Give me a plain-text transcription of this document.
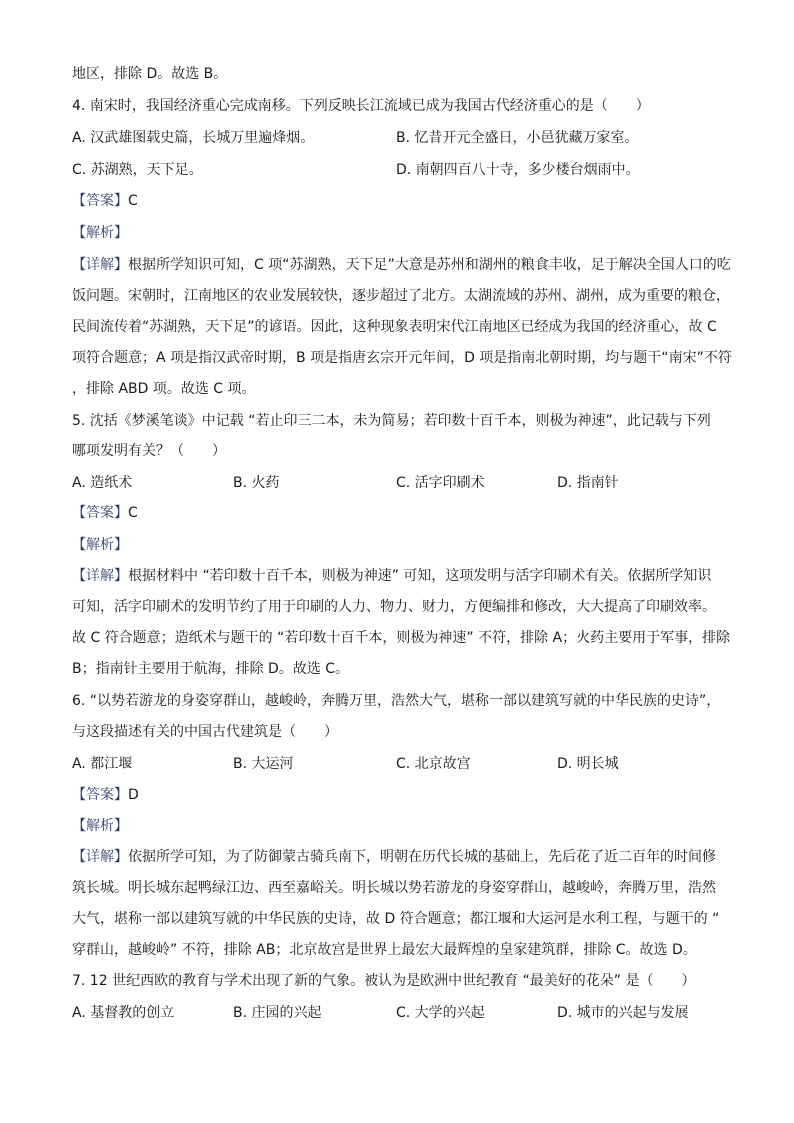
地区，排除 D。故选 B。
4. 南宋时，我国经济重心完成南移。下列反映长江流域已成为我国古代经济重心的是（　　）
A. 汉武雄图载史篇，长城万里遍烽烟。	B. 忆昔开元全盛日，小邑犹藏万家室。
C. 苏湖熟，天下足。	D. 南朝四百八十寺，多少楼台烟雨中。
【答案】C
【解析】
【详解】根据所学知识可知，C 项“苏湖熟，天下足”大意是苏州和湖州的粮食丰收，足于解决全国人口的吃
饭问题。宋朝时，江南地区的农业发展较快，逐步超过了北方。太湖流域的苏州、湖州，成为重要的粮仓，
民间流传着“苏湖熟，天下足”的谚语。因此，这种现象表明宋代江南地区已经成为我国的经济重心，故 C
项符合题意；A 项是指汉武帝时期，B 项是指唐玄宗开元年间，D 项是指南北朝时期，均与题干“南宋”不符
，排除 ABD 项。故选 C 项。
5. 沈括《梦溪笔谈》中记载 “若止印三二本，未为简易；若印数十百千本，则极为神速”，此记载与下列
哪项发明有关？（　　）
A. 造纸术	B. 火药	C. 活字印刷术	D. 指南针
【答案】C
【解析】
【详解】根据材料中 “若印数十百千本，则极为神速” 可知，这项发明与活字印刷术有关。依据所学知识
可知，活字印刷术的发明节约了用于印刷的人力、物力、财力，方便编排和修改，大大提高了印刷效率。
故 C 符合题意；造纸术与题干的 “若印数十百千本，则极为神速” 不符，排除 A；火药主要用于军事，排除
B；指南针主要用于航海，排除 D。故选 C。
6. “以势若游龙的身姿穿群山，越峻岭，奔腾万里，浩然大气，堪称一部以建筑写就的中华民族的史诗”，
与这段描述有关的中国古代建筑是（　　）
A. 都江堰	B. 大运河	C. 北京故宫	D. 明长城
【答案】D
【解析】
【详解】依据所学可知，为了防御蒙古骑兵南下，明朝在历代长城的基础上，先后花了近二百年的时间修
筑长城。明长城东起鸭绿江边、西至嘉峪关。明长城以势若游龙的身姿穿群山，越峻岭，奔腾万里，浩然
大气，堪称一部以建筑写就的中华民族的史诗，故 D 符合题意；都江堰和大运河是水利工程，与题干的 “
穿群山，越峻岭” 不符，排除 AB；北京故宫是世界上最宏大最辉煌的皇家建筑群，排除 C。故选 D。
7. 12 世纪西欧的教育与学术出现了新的气象。被认为是欧洲中世纪教育 “最美好的花朵” 是（　　）
A. 基督教的创立	B. 庄园的兴起	C. 大学的兴起	D. 城市的兴起与发展
